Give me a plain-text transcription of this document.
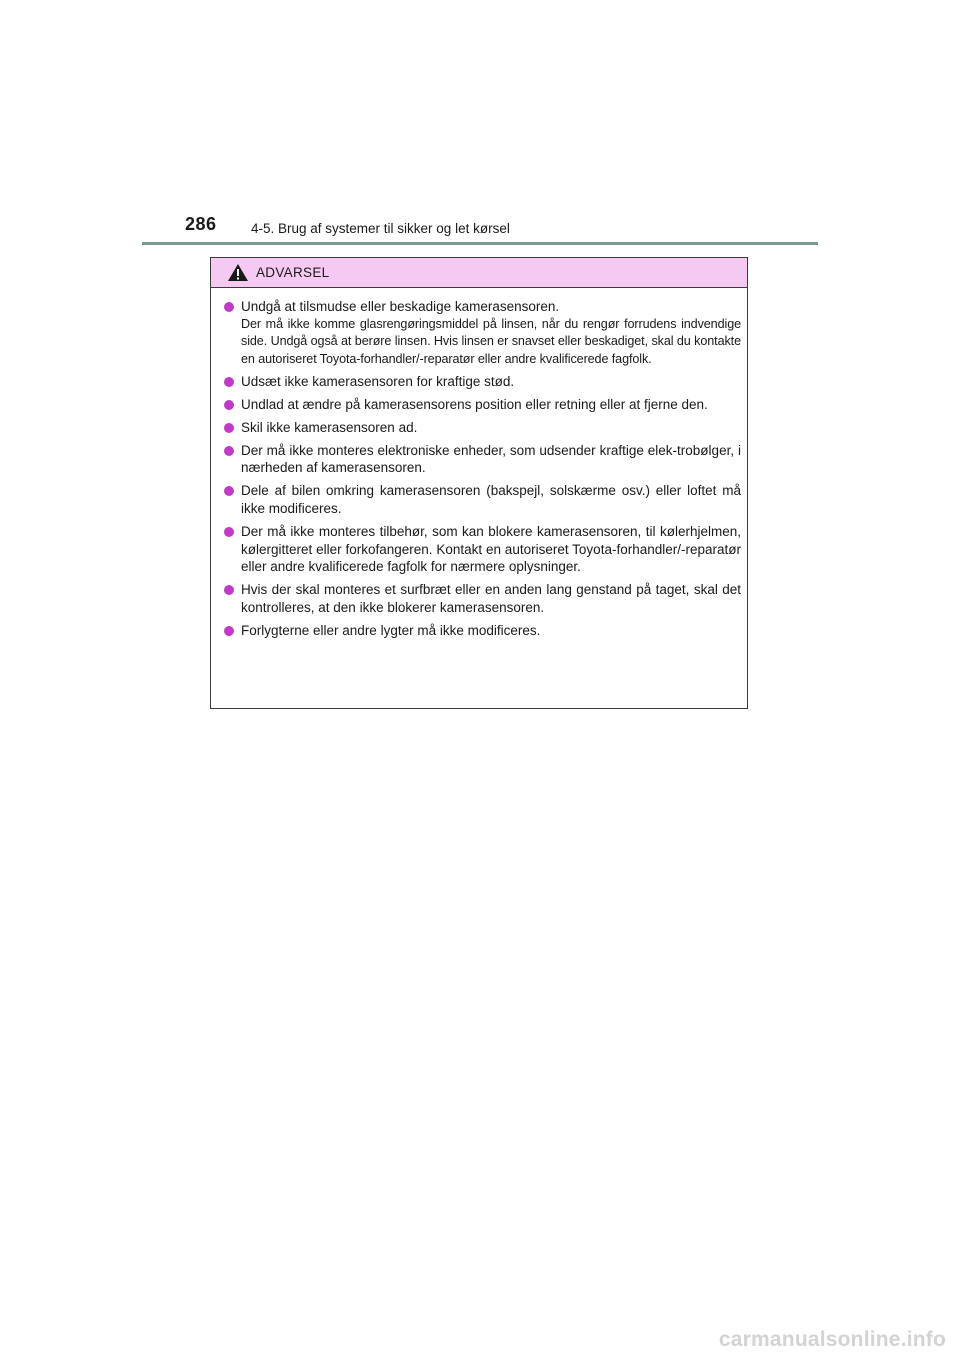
286	4-5. Brug af systemer til sikker og let kørsel
ADVARSEL
Undgå at tilsmudse eller beskadige kamerasensoren.
Der må ikke komme glasrengøringsmiddel på linsen, når du rengør forrudens indvendige side. Undgå også at berøre linsen. Hvis linsen er snavset eller beskadiget, skal du kontakte en autoriseret Toyota-forhandler/-reparatør eller andre kvalificerede fagfolk.
Udsæt ikke kamerasensoren for kraftige stød.
Undlad at ændre på kamerasensorens position eller retning eller at fjerne den.
Skil ikke kamerasensoren ad.
Der må ikke monteres elektroniske enheder, som udsender kraftige elek-trobølger, i nærheden af kamerasensoren.
Dele af bilen omkring kamerasensoren (bakspejl, solskærme osv.) eller loftet må ikke modificeres.
Der må ikke monteres tilbehør, som kan blokere kamerasensoren, til kølerhjelmen, kølergitteret eller forkofangeren. Kontakt en autoriseret Toyota-forhandler/-reparatør eller andre kvalificerede fagfolk for nærmere oplysninger.
Hvis der skal monteres et surfbræt eller en anden lang genstand på taget, skal det kontrolleres, at den ikke blokerer kamerasensoren.
Forlygterne eller andre lygter må ikke modificeres.
carmanualsonline.info
